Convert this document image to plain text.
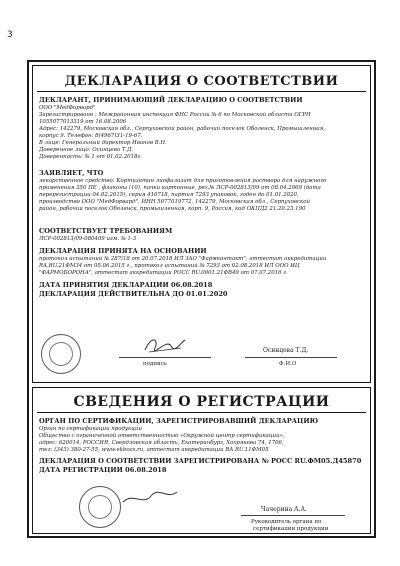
3
ДЕКЛАРАЦИЯ О СООТВЕТСТВИИ
ДЕКЛАРАНТ, ПРИНИМАЮЩИЙ ДЕКЛАРАЦИЮ О СООТВЕТСТВИИ
ООО "МедФорвард"
Зарегистрировано : Межрайонная инспекция ФНС России № 6 по Московской области ОГРН
1055077013319 от 16.08.2006
Адрес: 142279, Московская обл., Серпуховской район, рабочий поселок Оболенск, Промышленная,
корпус 9. Телефон: 8(4967)31-19-67.
В лице: Генеральный директор Иванов В.Н.
Доверенное лицо: Осинцева Т.Д.
Доверенность: № 1 от 01.02.2018г.
ЗАЯВЛЯЕТ, ЧТО
лекарственное средство: Кортизатин лиофилизат для приготовления раствора для наружного
применения 350 ПЕ , флаконы (10), пачки картонные, рег.№ ЛСР-002813/09 от 08.04.2009 (дата
перерегистрации 04.02.2015), серия 410718, партия 7293 упаковок, годен до 01.01.2020,
производство ООО "МедФорвард", ИНН 5077019772, 142279, Московская обл., Серпуховской
район, рабочий поселок Оболенск, промышленная, корп. 9, Россия, код ОКПД2 21.20.23.190
СООТВЕТСТВУЕТ ТРЕБОВАНИЯМ
ЛСР-002813/09-080409 изм. № 1-3
ДЕКЛАРАЦИЯ ПРИНЯТА НА ОСНОВАНИИ
протокол испытаний № 287/18 от 20.07.2018 ИЛ ЗАО "Фармконтакт", аттестат аккредитации
RA.RU.21ФМ34 от 05.06.2015 г., протокол испытаний № 7293 от 02.08.2018 ИЛ ООО ИЦ
"ФАРМОБОРОНА", аттестат аккредитации РОСС RU.0001.21ФВ49 от 07.07.2016 г.
ДАТА ПРИНЯТИЯ ДЕКЛАРАЦИИ 06.08.2018
ДЕКЛАРАЦИЯ ДЕЙСТВИТЕЛЬНА ДО 01.01.2020
подпись
Осинцева Т.Д.
Ф.И.О
СВЕДЕНИЯ О РЕГИСТРАЦИИ
ОРГАН ПО СЕРТИФИКАЦИИ, ЗАРЕГИСТРИРОВАВШИЙ ДЕКЛАРАЦИЮ
Орган по сертификации продукции
Общество с ограниченной ответственностью «Окружной центр сертификации»,
адрес: 620014, РОССИЯ, Свердловская область, Екатеринбург, Хохрякова 74, 1706,
тел: (343) 380-27-55, www.ekbocs.ru, аттестат аккредитации RA.RU.11ФМ05
ДЕКЛАРАЦИЯ О СООТВЕТСТВИИ ЗАРЕГИСТРИРОВАНА № РОСС RU.ФМ05.Д45870
ДАТА РЕГИСТРАЦИИ 06.08.2018
Чачерина А.А.
Руководитель органа по
сертификации продукции
